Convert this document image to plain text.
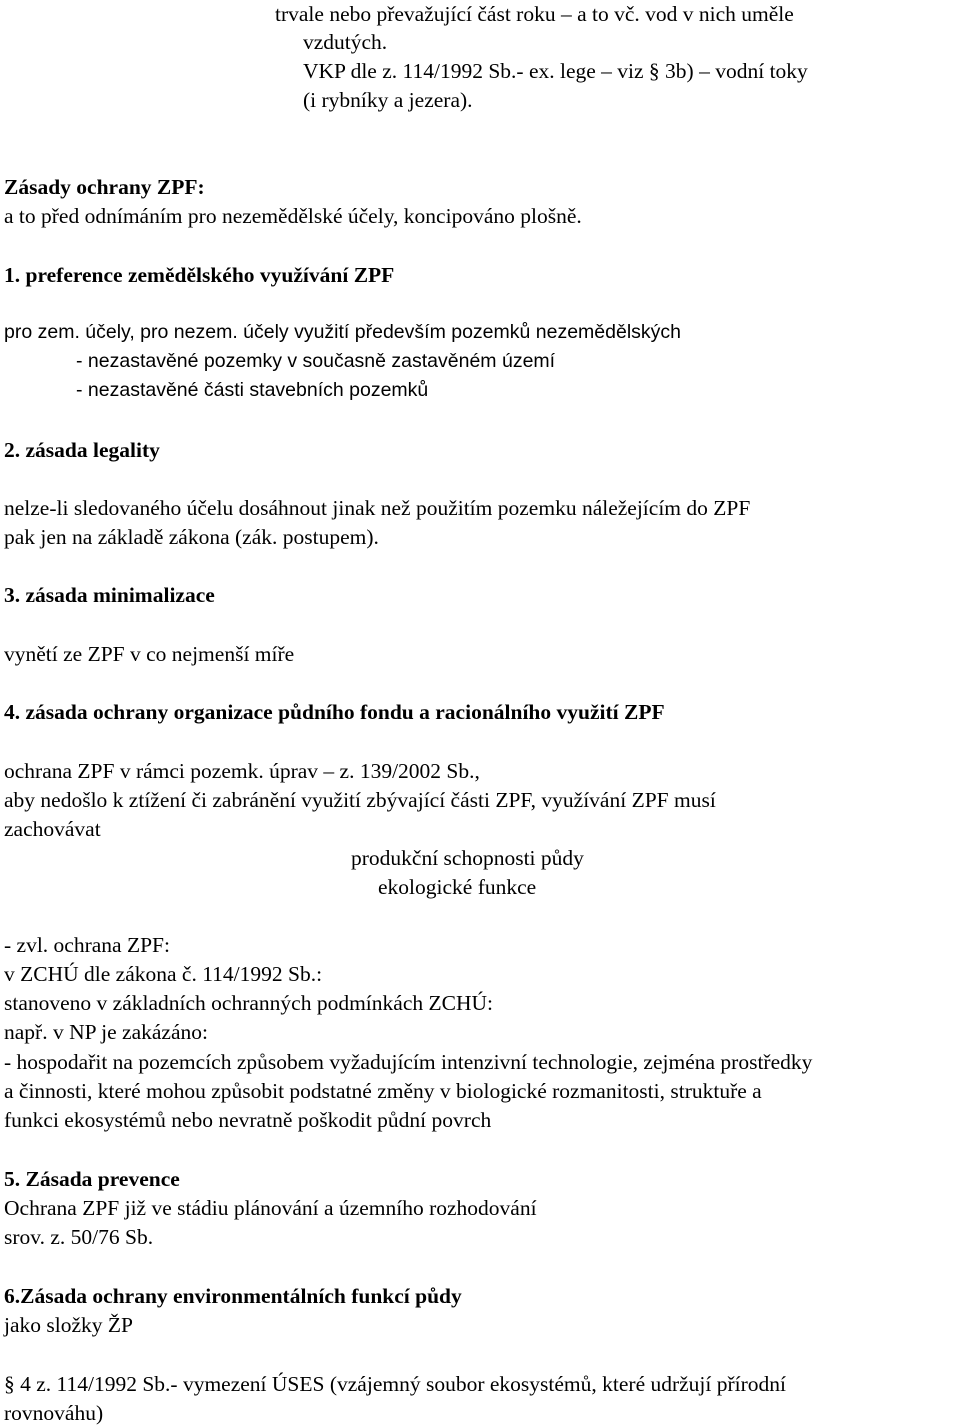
trvale nebo převažující část roku – a to vč. vod v nich uměle
vzdutých.
VKP dle z. 114/1992 Sb.- ex. lege – viz § 3b) – vodní toky
(i rybníky a jezera).
Zásady ochrany ZPF:
a to před odnímáním pro nezemědělské účely, koncipováno plošně.
1. preference zemědělského využívání ZPF
pro zem. účely, pro nezem. účely využití především pozemků nezemědělských
- nezastavěné pozemky v současně zastavěném území
- nezastavěné části stavebních pozemků
2. zásada legality
nelze-li sledovaného účelu dosáhnout jinak než použitím pozemku náležejícím do ZPF
pak jen na základě zákona (zák. postupem).
3. zásada minimalizace
vynětí ze ZPF v co nejmenší míře
4. zásada ochrany organizace půdního fondu a racionálního využití ZPF
ochrana ZPF v rámci pozemk. úprav – z. 139/2002 Sb.,
aby nedošlo k ztížení či zabránění využití zbývající části ZPF, využívání ZPF musí
zachovávat
produkční schopnosti půdy
ekologické funkce
- zvl. ochrana ZPF:
v ZCHÚ dle zákona č. 114/1992 Sb.:
stanoveno v základních ochranných podmínkách ZCHÚ:
např. v NP je zakázáno:
- hospodařit na pozemcích způsobem vyžadujícím intenzivní technologie, zejména prostředky
a činnosti, které mohou způsobit podstatné změny v biologické rozmanitosti, struktuře a
funkci ekosystémů nebo nevratně poškodit půdní povrch
5. Zásada prevence
Ochrana ZPF již ve stádiu plánování a územního rozhodování
srov. z. 50/76 Sb.
6.Zásada ochrany environmentálních funkcí půdy
jako složky ŽP
§ 4 z. 114/1992 Sb.- vymezení ÚSES (vzájemný soubor ekosystémů, které udržují přírodní
rovnováhu)
